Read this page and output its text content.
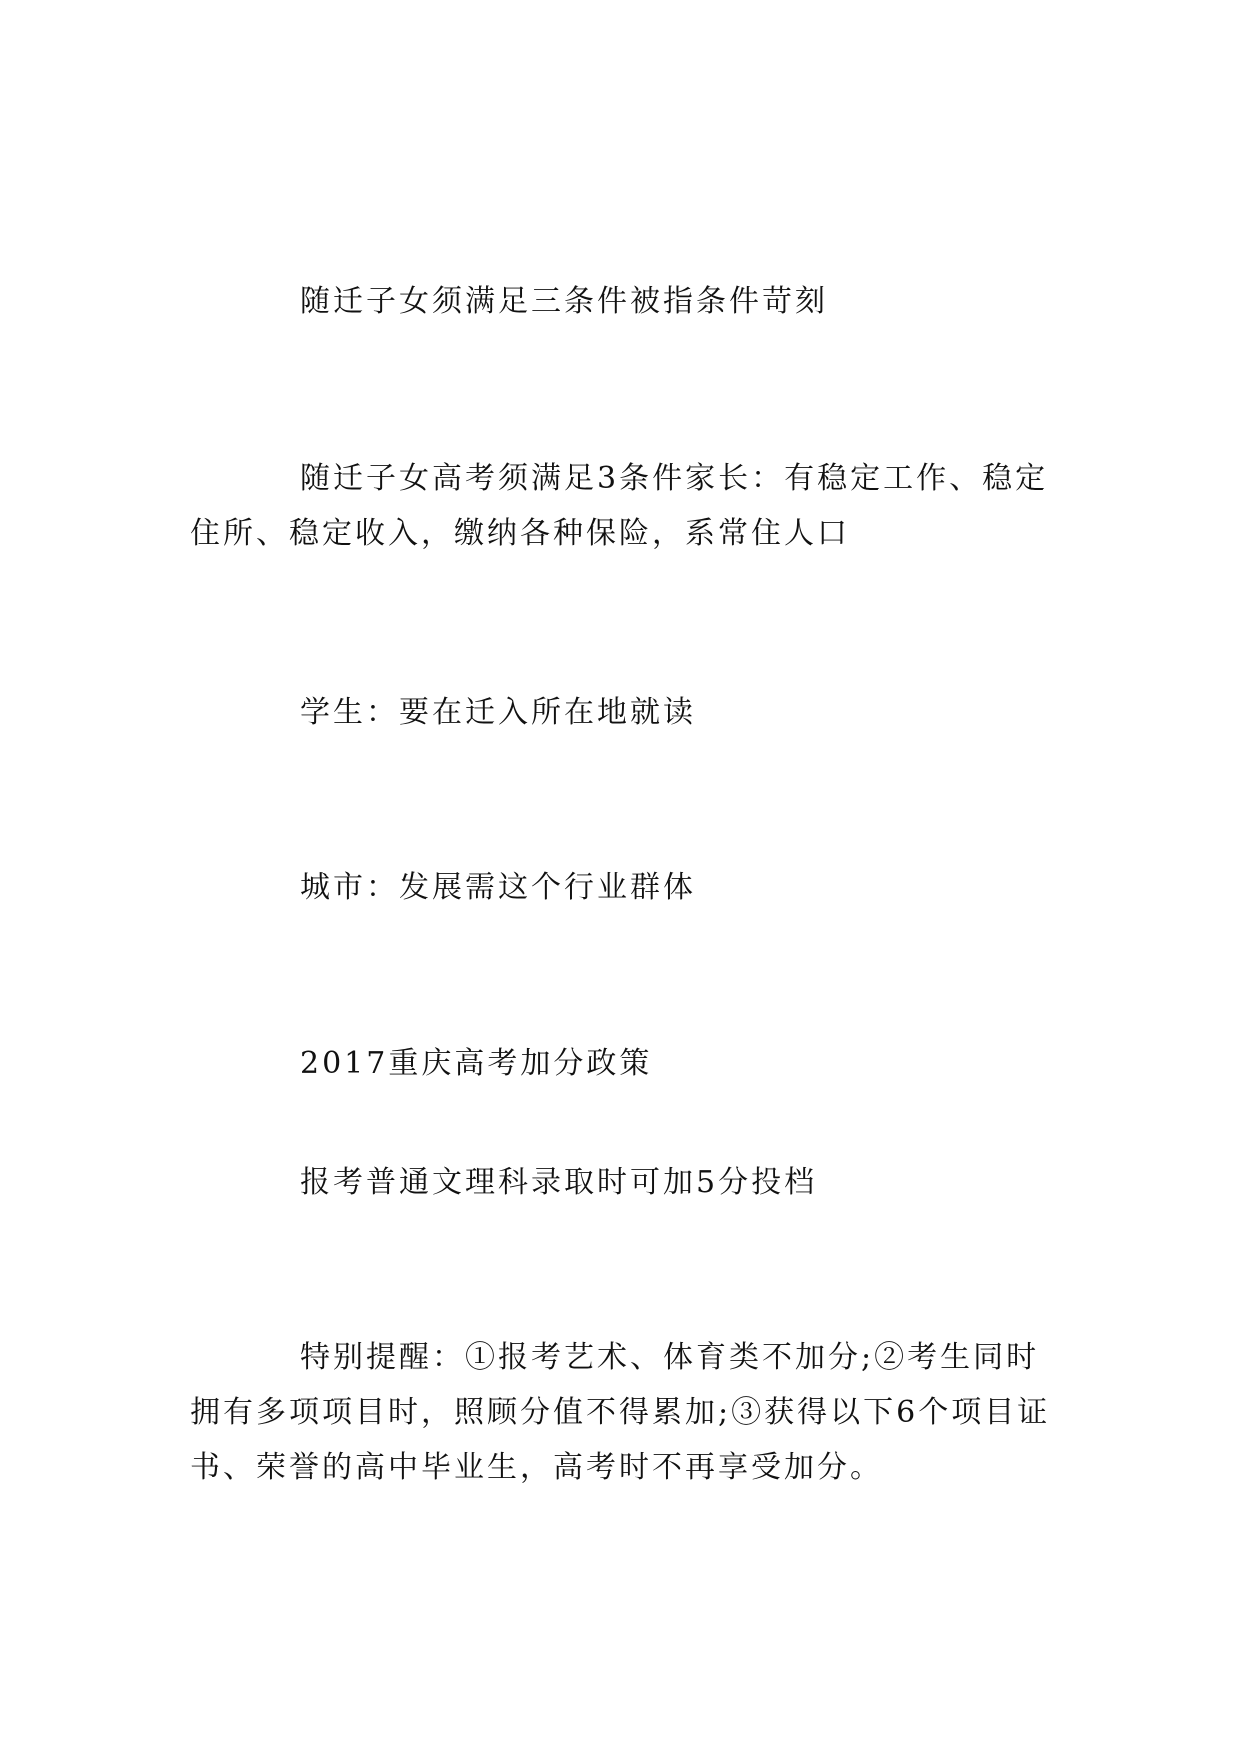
随迁子女须满足三条件被指条件苛刻

随迁子女高考须满足3条件家长：有稳定工作、稳定住所、稳定收入，缴纳各种保险，系常住人口

学生：要在迁入所在地就读

城市：发展需这个行业群体

2017重庆高考加分政策

报考普通文理科录取时可加5分投档

特别提醒：①报考艺术、体育类不加分;②考生同时拥有多项项目时，照顾分值不得累加;③获得以下6个项目证书、荣誉的高中毕业生，高考时不再享受加分。
